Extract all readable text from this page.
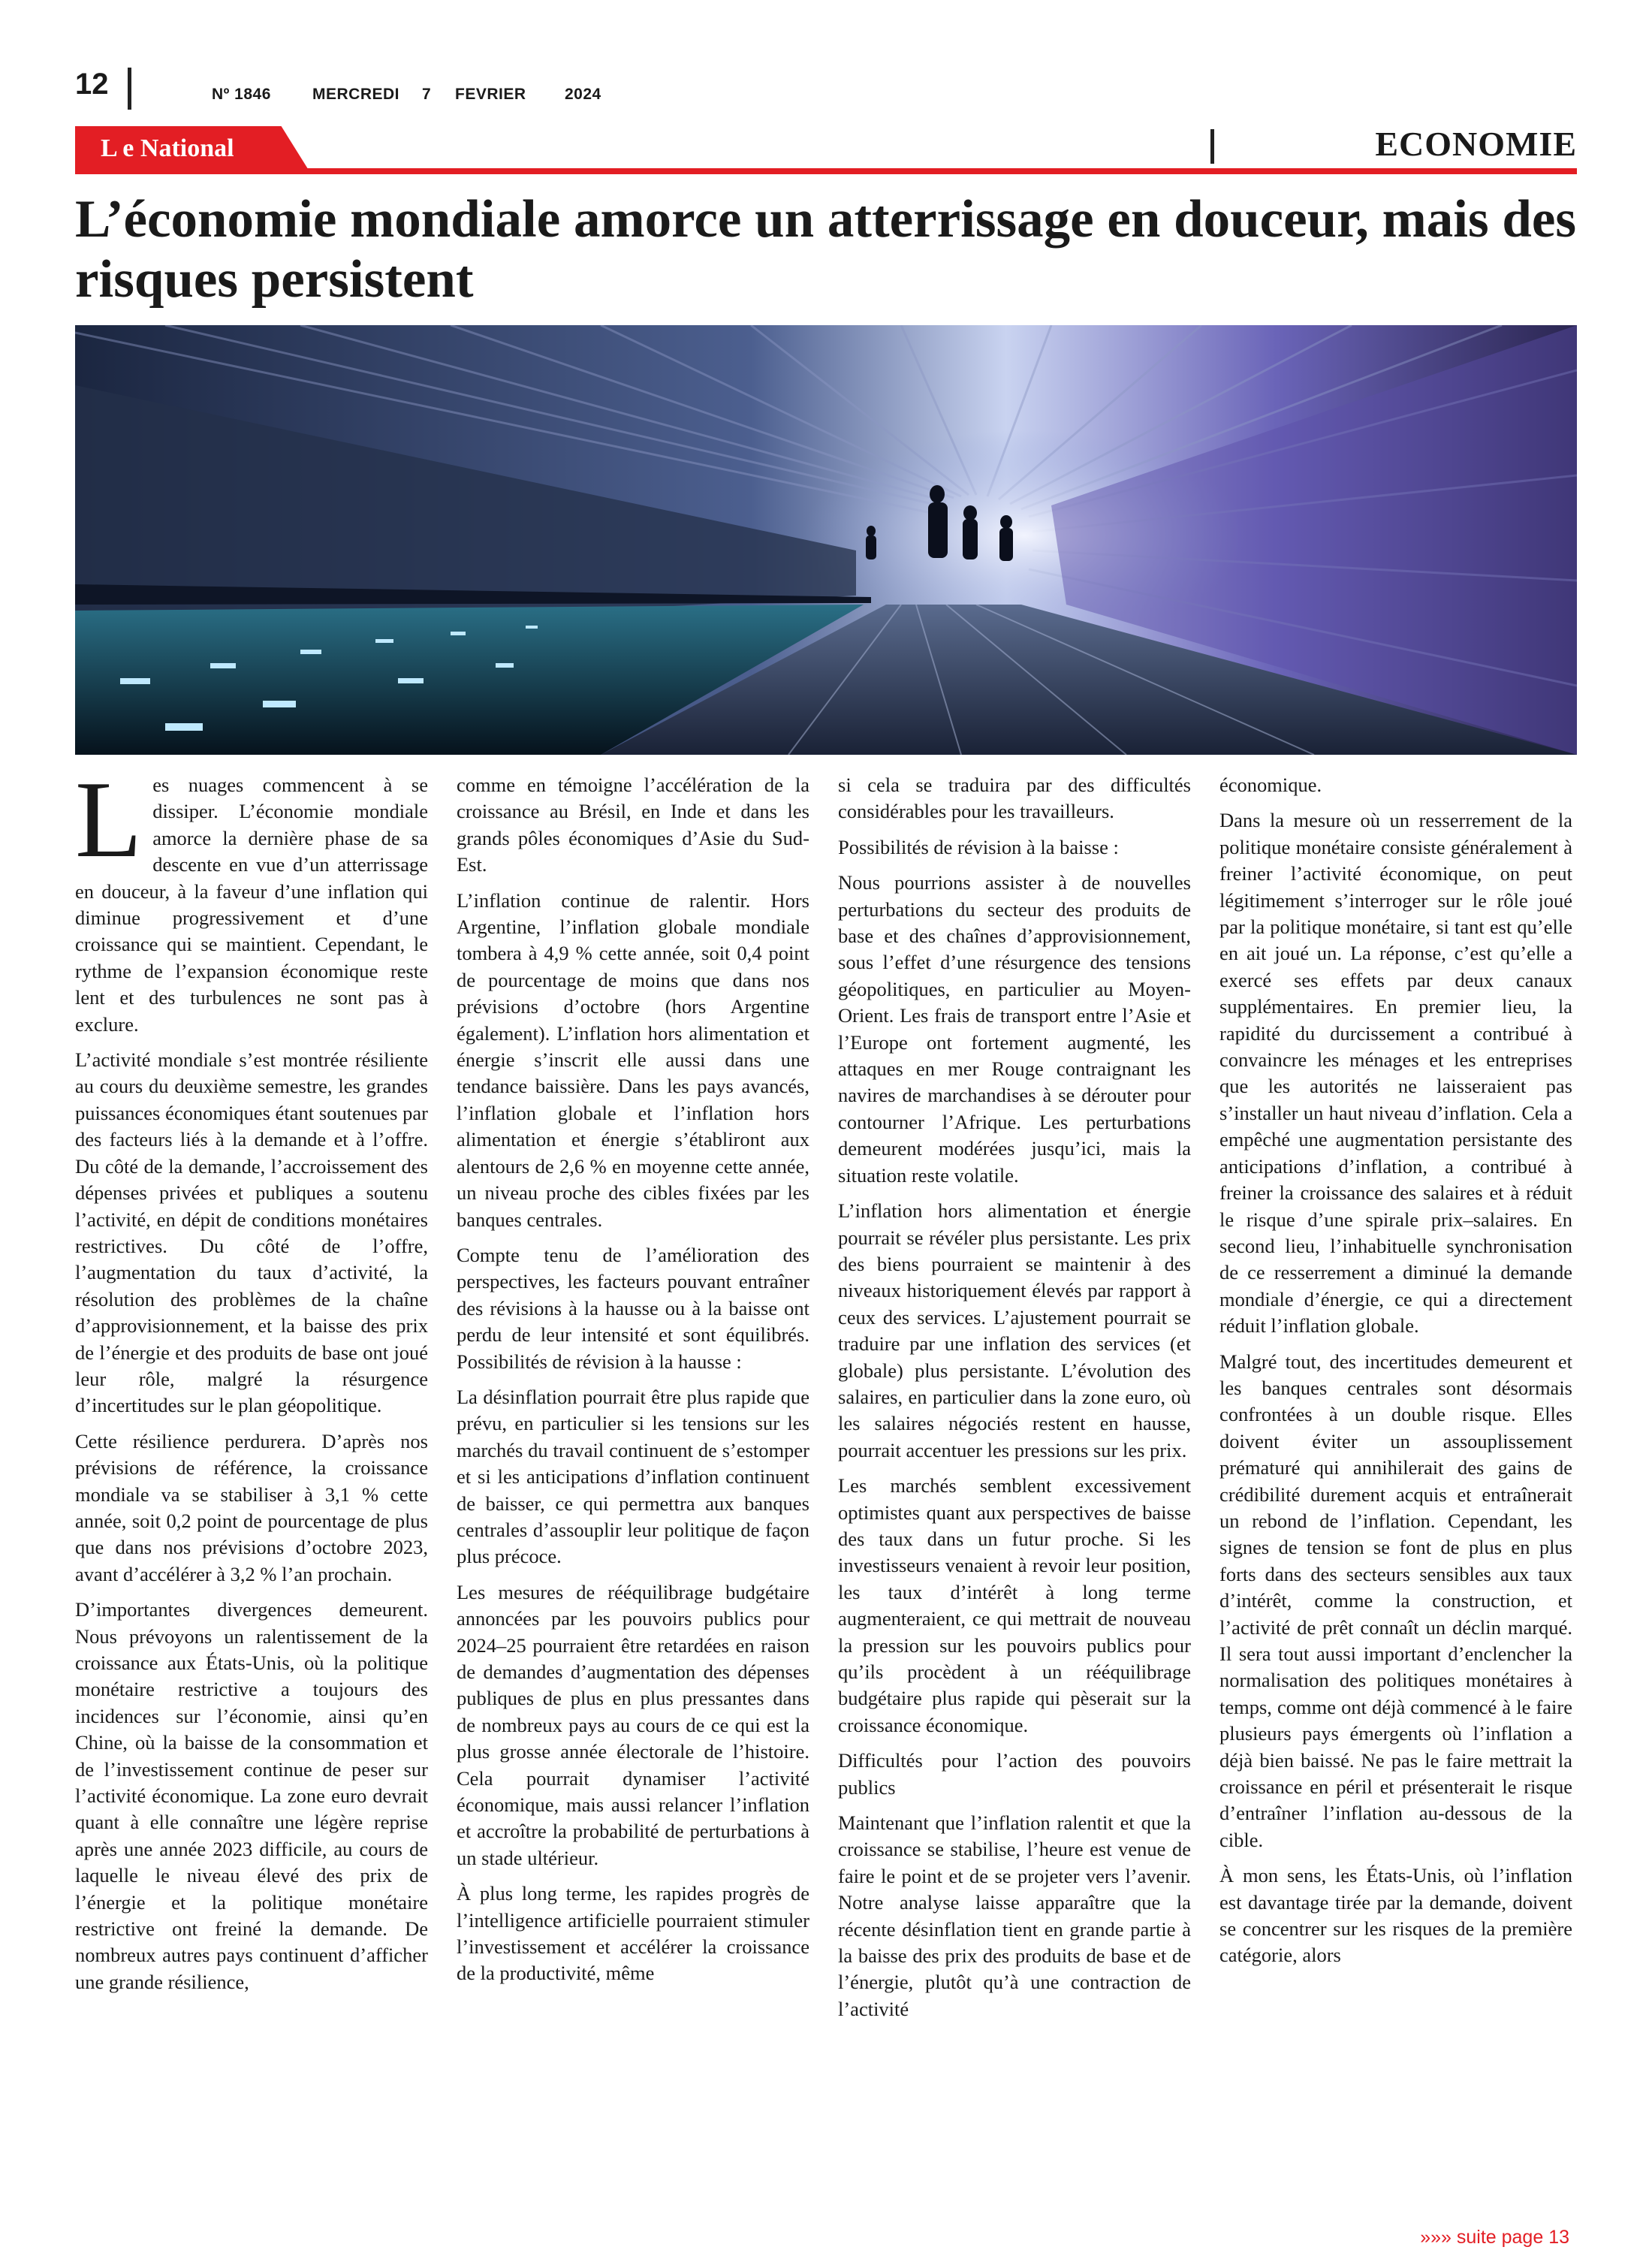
12	Nº 1846	MERCREDI 7 FEVRIER 2024
L e National	ECONOMIE
L’économie mondiale amorce un atterrissage en douceur, mais des risques persistent

Les nuages commencent à se dissiper. L’économie mondiale amorce la dernière phase de sa descente en vue d’un atterrissage en douceur, à la faveur d’une inflation qui diminue progressivement et d’une croissance qui se maintient. Cependant, le rythme de l’expansion économique reste lent et des turbulences ne sont pas à exclure.

L’activité mondiale s’est montrée résiliente au cours du deuxième semestre, les grandes puissances économiques étant soutenues par des facteurs liés à la demande et à l’offre. Du côté de la demande, l’accroissement des dépenses privées et publiques a soutenu l’activité, en dépit de conditions monétaires restrictives. Du côté de l’offre, l’augmentation du taux d’activité, la résolution des problèmes de la chaîne d’approvisionnement, et la baisse des prix de l’énergie et des produits de base ont joué leur rôle, malgré la résurgence d’incertitudes sur le plan géopolitique.

Cette résilience perdurera. D’après nos prévisions de référence, la croissance mondiale va se stabiliser à 3,1 % cette année, soit 0,2 point de pourcentage de plus que dans nos prévisions d’octobre 2023, avant d’accélérer à 3,2 % l’an prochain.

D’importantes divergences demeurent. Nous prévoyons un ralentissement de la croissance aux États-Unis, où la politique monétaire restrictive a toujours des incidences sur l’économie, ainsi qu’en Chine, où la baisse de la consommation et de l’investissement continue de peser sur l’activité économique. La zone euro devrait quant à elle connaître une légère reprise après une année 2023 difficile, au cours de laquelle le niveau élevé des prix de l’énergie et la politique monétaire restrictive ont freiné la demande. De nombreux autres pays continuent d’afficher une grande résilience,

comme en témoigne l’accélération de la croissance au Brésil, en Inde et dans les grands pôles économiques d’Asie du Sud-Est.

L’inflation continue de ralentir. Hors Argentine, l’inflation globale mondiale tombera à 4,9 % cette année, soit 0,4 point de pourcentage de moins que dans nos prévisions d’octobre (hors Argentine également). L’inflation hors alimentation et énergie s’inscrit elle aussi dans une tendance baissière. Dans les pays avancés, l’inflation globale et l’inflation hors alimentation et énergie s’établiront aux alentours de 2,6 % en moyenne cette année, un niveau proche des cibles fixées par les banques centrales.

Compte tenu de l’amélioration des perspectives, les facteurs pouvant entraîner des révisions à la hausse ou à la baisse ont perdu de leur intensité et sont équilibrés. Possibilités de révision à la hausse :

La désinflation pourrait être plus rapide que prévu, en particulier si les tensions sur les marchés du travail continuent de s’estomper et si les anticipations d’inflation continuent de baisser, ce qui permettra aux banques centrales d’assouplir leur politique de façon plus précoce.

Les mesures de rééquilibrage budgétaire annoncées par les pouvoirs publics pour 2024–25 pourraient être retardées en raison de demandes d’augmentation des dépenses publiques de plus en plus pressantes dans de nombreux pays au cours de ce qui est la plus grosse année électorale de l’histoire. Cela pourrait dynamiser l’activité économique, mais aussi relancer l’inflation et accroître la probabilité de perturbations à un stade ultérieur.

À plus long terme, les rapides progrès de l’intelligence artificielle pourraient stimuler l’investissement et accélérer la croissance de la productivité, même

si cela se traduira par des difficultés considérables pour les travailleurs.

Possibilités de révision à la baisse :

Nous pourrions assister à de nouvelles perturbations du secteur des produits de base et des chaînes d’approvisionnement, sous l’effet d’une résurgence des tensions géopolitiques, en particulier au Moyen-Orient. Les frais de transport entre l’Asie et l’Europe ont fortement augmenté, les attaques en mer Rouge contraignant les navires de marchandises à se dérouter pour contourner l’Afrique. Les perturbations demeurent modérées jusqu’ici, mais la situation reste volatile.

L’inflation hors alimentation et énergie pourrait se révéler plus persistante. Les prix des biens pourraient se maintenir à des niveaux historiquement élevés par rapport à ceux des services. L’ajustement pourrait se traduire par une inflation des services (et globale) plus persistante. L’évolution des salaires, en particulier dans la zone euro, où les salaires négociés restent en hausse, pourrait accentuer les pressions sur les prix.

Les marchés semblent excessivement optimistes quant aux perspectives de baisse des taux dans un futur proche. Si les investisseurs venaient à revoir leur position, les taux d’intérêt à long terme augmenteraient, ce qui mettrait de nouveau la pression sur les pouvoirs publics pour qu’ils procèdent à un rééquilibrage budgétaire plus rapide qui pèserait sur la croissance économique.

Difficultés pour l’action des pouvoirs publics

Maintenant que l’inflation ralentit et que la croissance se stabilise, l’heure est venue de faire le point et de se projeter vers l’avenir. Notre analyse laisse apparaître que la récente désinflation tient en grande partie à la baisse des prix des produits de base et de l’énergie, plutôt qu’à une contraction de l’activité

économique.

Dans la mesure où un resserrement de la politique monétaire consiste généralement à freiner l’activité économique, on peut légitimement s’interroger sur le rôle joué par la politique monétaire, si tant est qu’elle en ait joué un. La réponse, c’est qu’elle a exercé ses effets par deux canaux supplémentaires. En premier lieu, la rapidité du durcissement a contribué à convaincre les ménages et les entreprises que les autorités ne laisseraient pas s’installer un haut niveau d’inflation. Cela a empêché une augmentation persistante des anticipations d’inflation, a contribué à freiner la croissance des salaires et à réduit le risque d’une spirale prix–salaires. En second lieu, l’inhabituelle synchronisation de ce resserrement a diminué la demande mondiale d’énergie, ce qui a directement réduit l’inflation globale.

Malgré tout, des incertitudes demeurent et les banques centrales sont désormais confrontées à un double risque. Elles doivent éviter un assouplissement prématuré qui annihilerait des gains de crédibilité durement acquis et entraînerait un rebond de l’inflation. Cependant, les signes de tension se font de plus en plus forts dans des secteurs sensibles aux taux d’intérêt, comme la construction, et l’activité de prêt connaît un déclin marqué. Il sera tout aussi important d’enclencher la normalisation des politiques monétaires à temps, comme ont déjà commencé à le faire plusieurs pays émergents où l’inflation a déjà bien baissé. Ne pas le faire mettrait la croissance en péril et présenterait le risque d’entraîner l’inflation au-dessous de la cible.

À mon sens, les États-Unis, où l’inflation est davantage tirée par la demande, doivent se concentrer sur les risques de la première catégorie, alors

»»» suite page 13
